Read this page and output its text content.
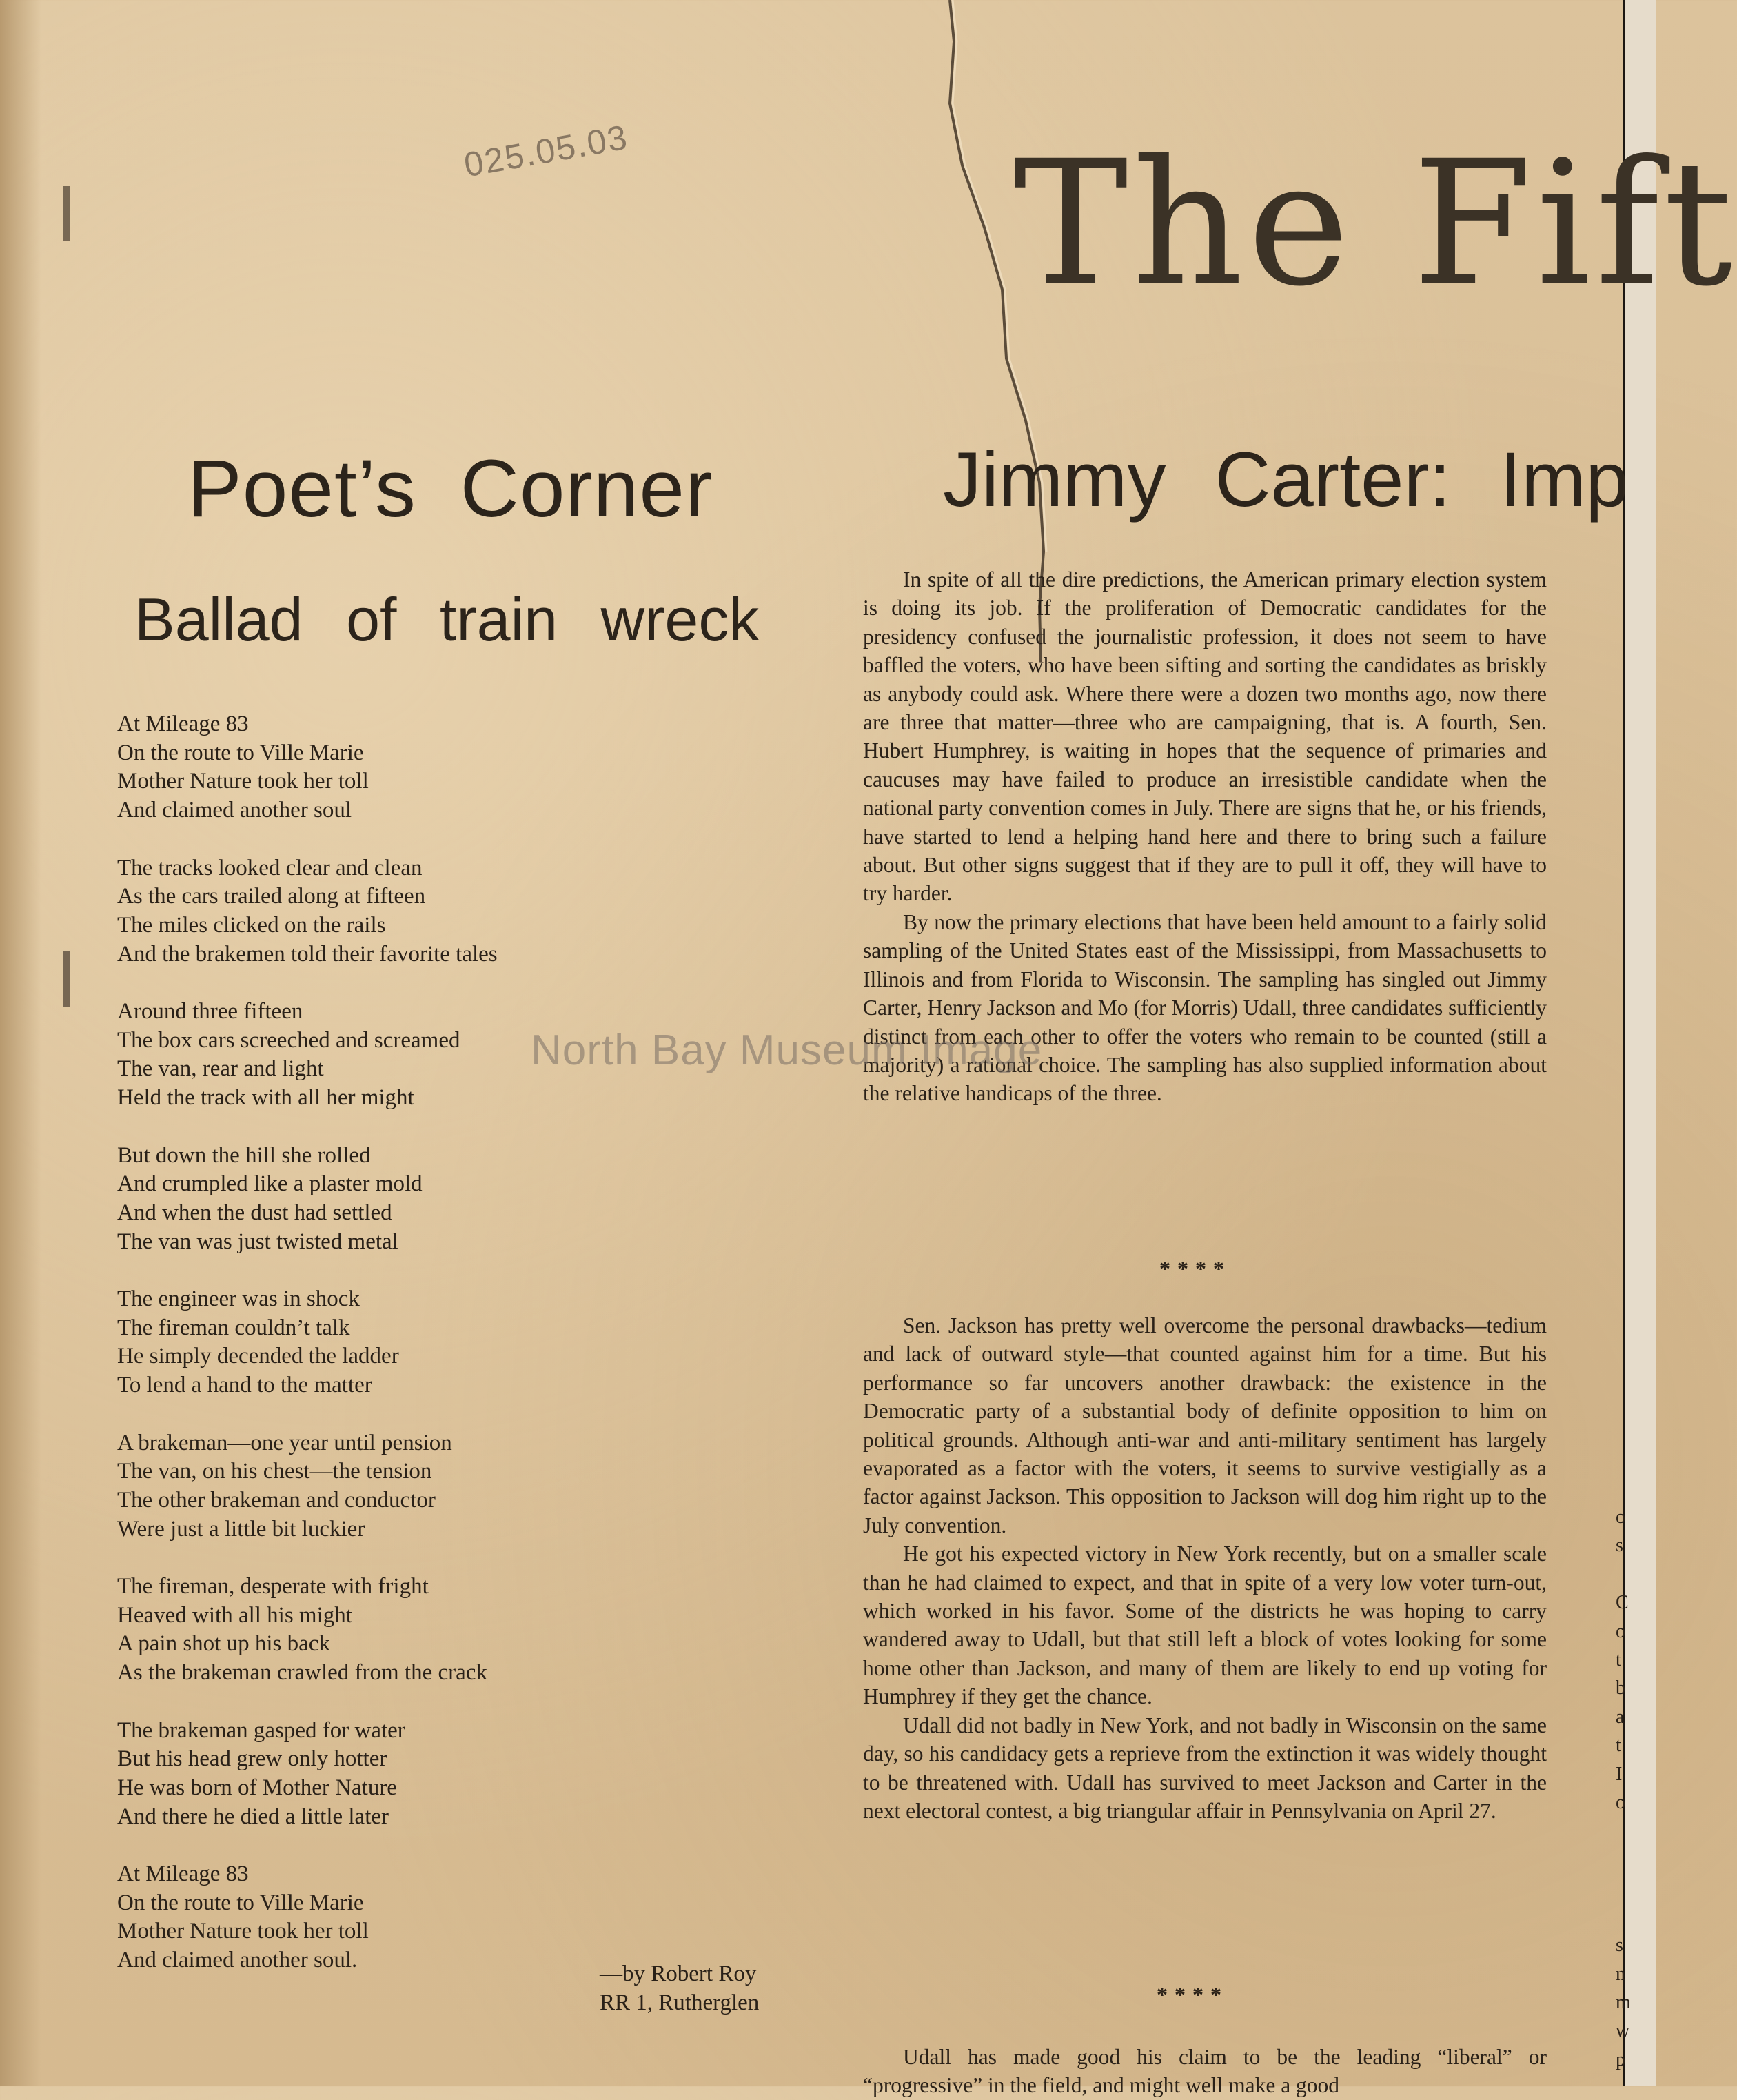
025.05.03 The Fift
Poet’s Corner
Ballad of train wreck
Jimmy Carter: Imp
At Mileage 83
On the route to Ville Marie
Mother Nature took her toll
And claimed another soul
The tracks looked clear and clean
As the cars trailed along at fifteen
The miles clicked on the rails
And the brakemen told their favorite tales
Around three fifteen
The box cars screeched and screamed
The van, rear and light
Held the track with all her might
But down the hill she rolled
And crumpled like a plaster mold
And when the dust had settled
The van was just twisted metal
The engineer was in shock
The fireman couldn’t talk
He simply decended the ladder
To lend a hand to the matter
A brakeman—one year until pension
The van, on his chest—the tension
The other brakeman and conductor
Were just a little bit luckier
The fireman, desperate with fright
Heaved with all his might
A pain shot up his back
As the brakeman crawled from the crack
The brakeman gasped for water
But his head grew only hotter
He was born of Mother Nature
And there he died a little later
At Mileage 83
On the route to Ville Marie
Mother Nature took her toll
And claimed another soul.
—by Robert Roy
RR 1, Rutherglen

In spite of all the dire predictions, the American primary election system is doing its job. If the proliferation of Democratic candidates for the presidency confused the journalistic profession, it does not seem to have baffled the voters, who have been sifting and sorting the candidates as briskly as anybody could ask. Where there were a dozen two months ago, now there are three that matter—three who are campaigning, that is. A fourth, Sen. Hubert Humphrey, is waiting in hopes that the sequence of primaries and caucuses may have failed to produce an irresistible candidate when the national party convention comes in July. There are signs that he, or his friends, have started to lend a helping hand here and there to bring such a failure about. But other signs suggest that if they are to pull it off, they will have to try harder.

By now the primary elections that have been held amount to a fairly solid sampling of the United States east of the Mississippi, from Massachusetts to Illinois and from Florida to Wisconsin. The sampling has singled out Jimmy Carter, Henry Jackson and Mo (for Morris) Udall, three candidates sufficiently distinct from each other to offer the voters who remain to be counted (still a majority) a rational choice. The sampling has also supplied information about the relative handicaps of the three.

****

Sen. Jackson has pretty well overcome the personal drawbacks—tedium and lack of outward style—that counted against him for a time. But his performance so far uncovers another drawback: the existence in the Democratic party of a substantial body of definite opposition to him on political grounds. Although anti-war and anti-military sentiment has largely evaporated as a factor with the voters, it seems to survive vestigially as a factor against Jackson. This opposition to Jackson will dog him right up to the July convention.

He got his expected victory in New York recently, but on a smaller scale than he had claimed to expect, and that in spite of a very low voter turn-out, which worked in his favor. Some of the districts he was hoping to carry wandered away to Udall, but that still left a block of votes looking for some home other than Jackson, and many of them are likely to end up voting for Humphrey if they get the chance.

Udall did not badly in New York, and not badly in Wisconsin on the same day, so his candidacy gets a reprieve from the extinction it was widely thought to be threatened with. Udall has survived to meet Jackson and Carter in the next electoral contest, a big triangular affair in Pennsylvania on April 27.

****

Udall has made good his claim to be the leading “liberal” or “progressive” in the field, and might well make a good

o
s

C
o
t
b
a
t
I
o

s
n
m
w
p
North Bay Museum Image
